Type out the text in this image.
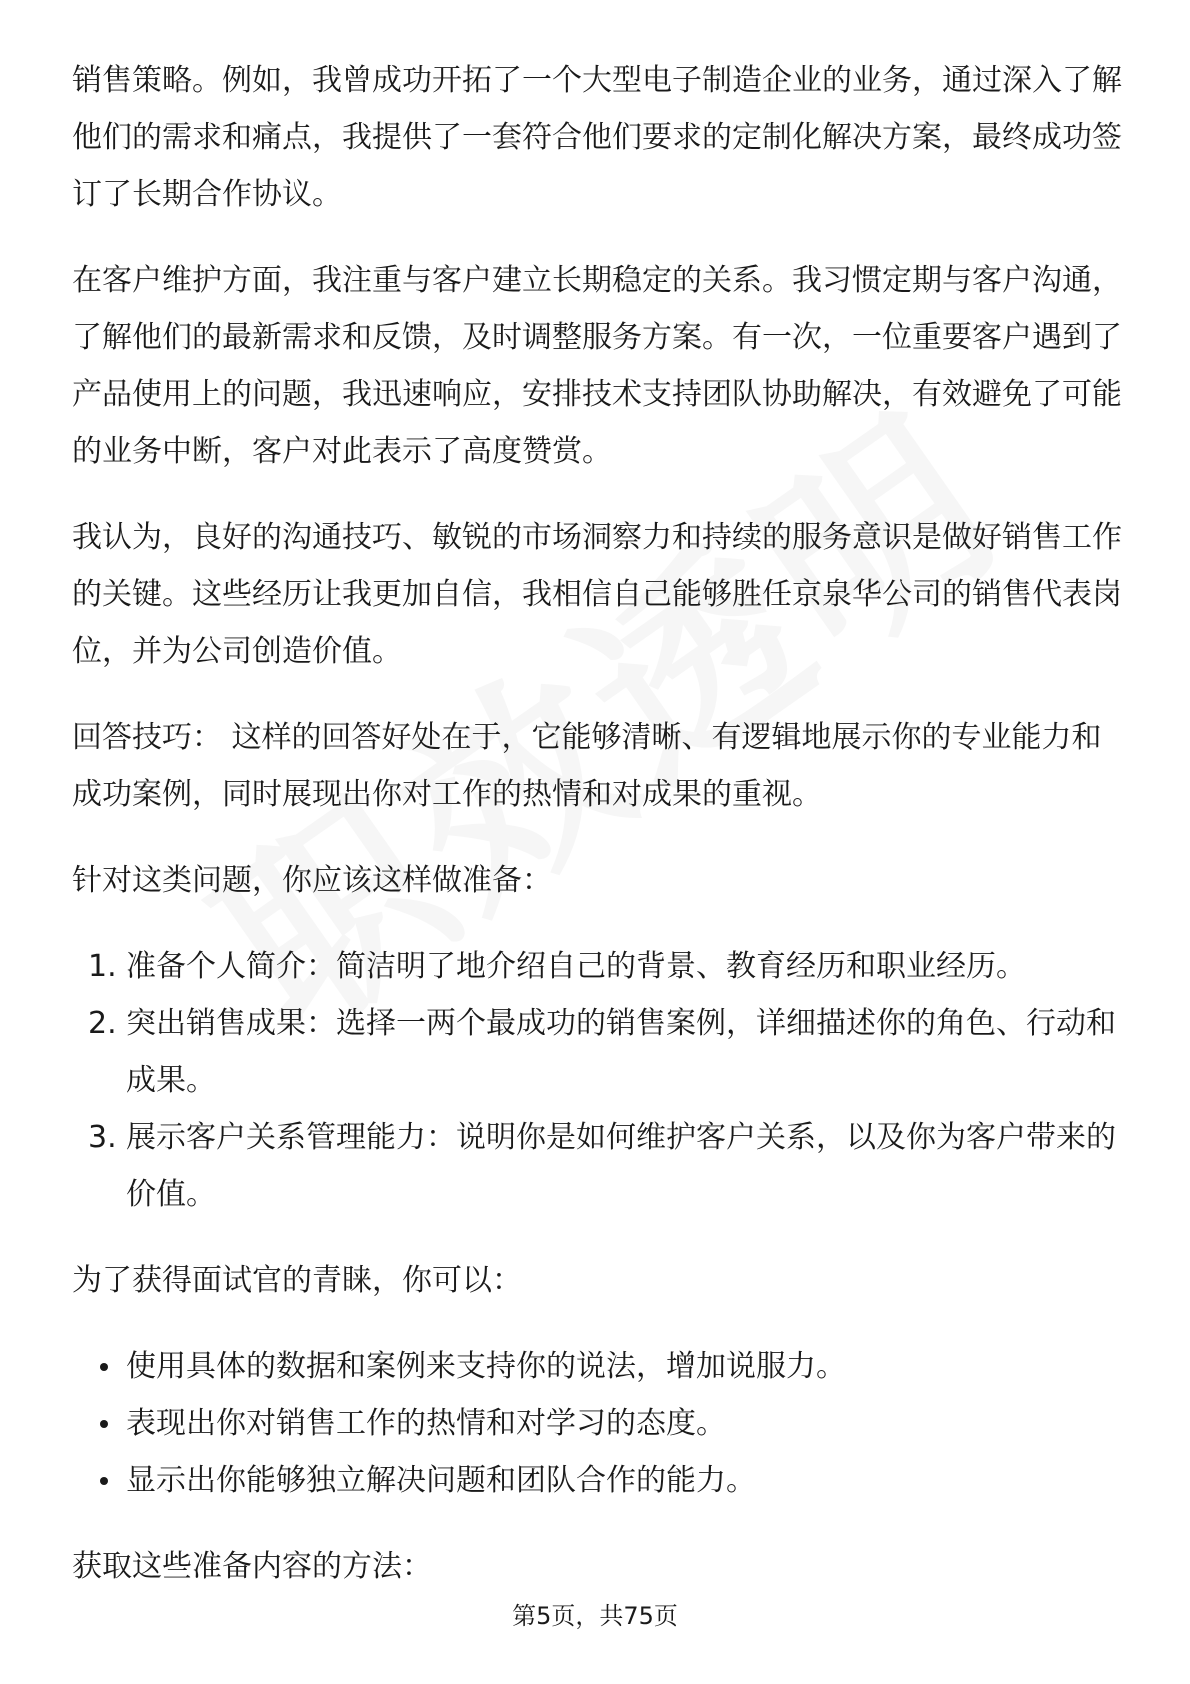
销售策略。例如，我曾成功开拓了一个大型电子制造企业的业务，通过深入了解他们的需求和痛点，我提供了一套符合他们要求的定制化解决方案，最终成功签订了长期合作协议。

在客户维护方面，我注重与客户建立长期稳定的关系。我习惯定期与客户沟通，了解他们的最新需求和反馈，及时调整服务方案。有一次，一位重要客户遇到了产品使用上的问题，我迅速响应，安排技术支持团队协助解决，有效避免了可能的业务中断，客户对此表示了高度赞赏。

我认为，良好的沟通技巧、敏锐的市场洞察力和持续的服务意识是做好销售工作的关键。这些经历让我更加自信，我相信自己能够胜任京泉华公司的销售代表岗位，并为公司创造价值。

回答技巧： 这样的回答好处在于，它能够清晰、有逻辑地展示你的专业能力和成功案例，同时展现出你对工作的热情和对成果的重视。

针对这类问题，你应该这样做准备：

1. 准备个人简介：简洁明了地介绍自己的背景、教育经历和职业经历。
2. 突出销售成果：选择一两个最成功的销售案例，详细描述你的角色、行动和成果。
3. 展示客户关系管理能力：说明你是如何维护客户关系，以及你为客户带来的价值。

为了获得面试官的青睐，你可以：

使用具体的数据和案例来支持你的说法，增加说服力。
表现出你对销售工作的热情和对学习的态度。
显示出你能够独立解决问题和团队合作的能力。

获取这些准备内容的方法：

第5页，共75页
